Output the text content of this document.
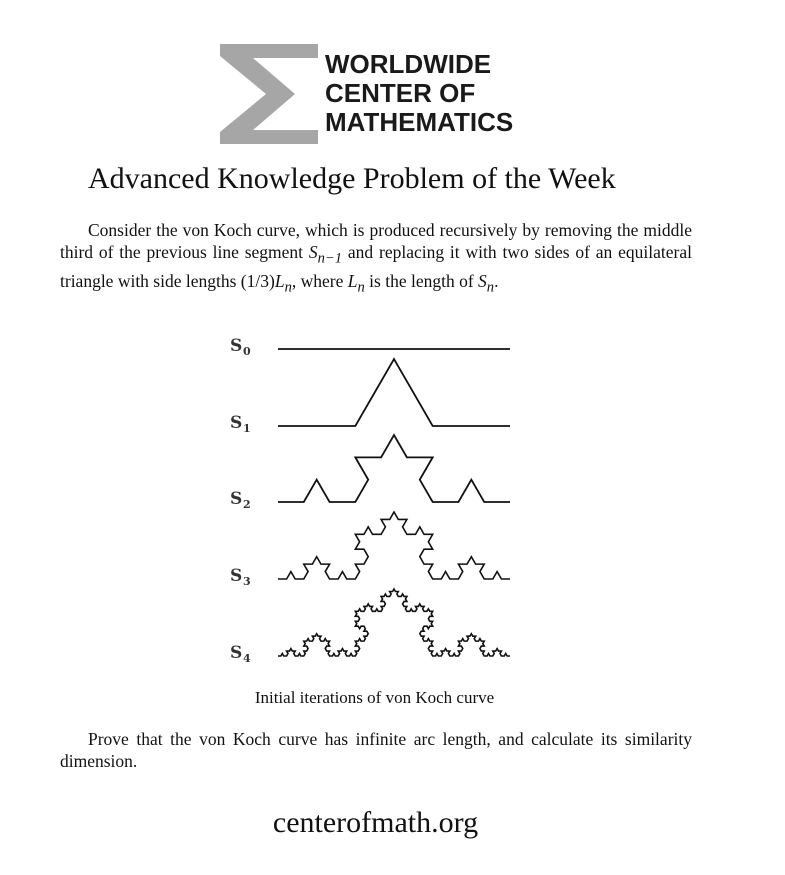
WORLDWIDE
CENTER OF
MATHEMATICS
Advanced Knowledge Problem of the Week
Consider the von Koch curve, which is produced recursively by removing the middle third of the previous line segment $S_{n-1}$ and replacing it with two sides of an equilateral triangle with side lengths $(1/3)L_n$, where $L_n$ is the length of $S_n$.
S 0
S 1
S 2
S 3
S 4
Initial iterations of von Koch curve
Prove that the von Koch curve has infinite arc length, and calculate its similarity dimension.
centerofmath.org
